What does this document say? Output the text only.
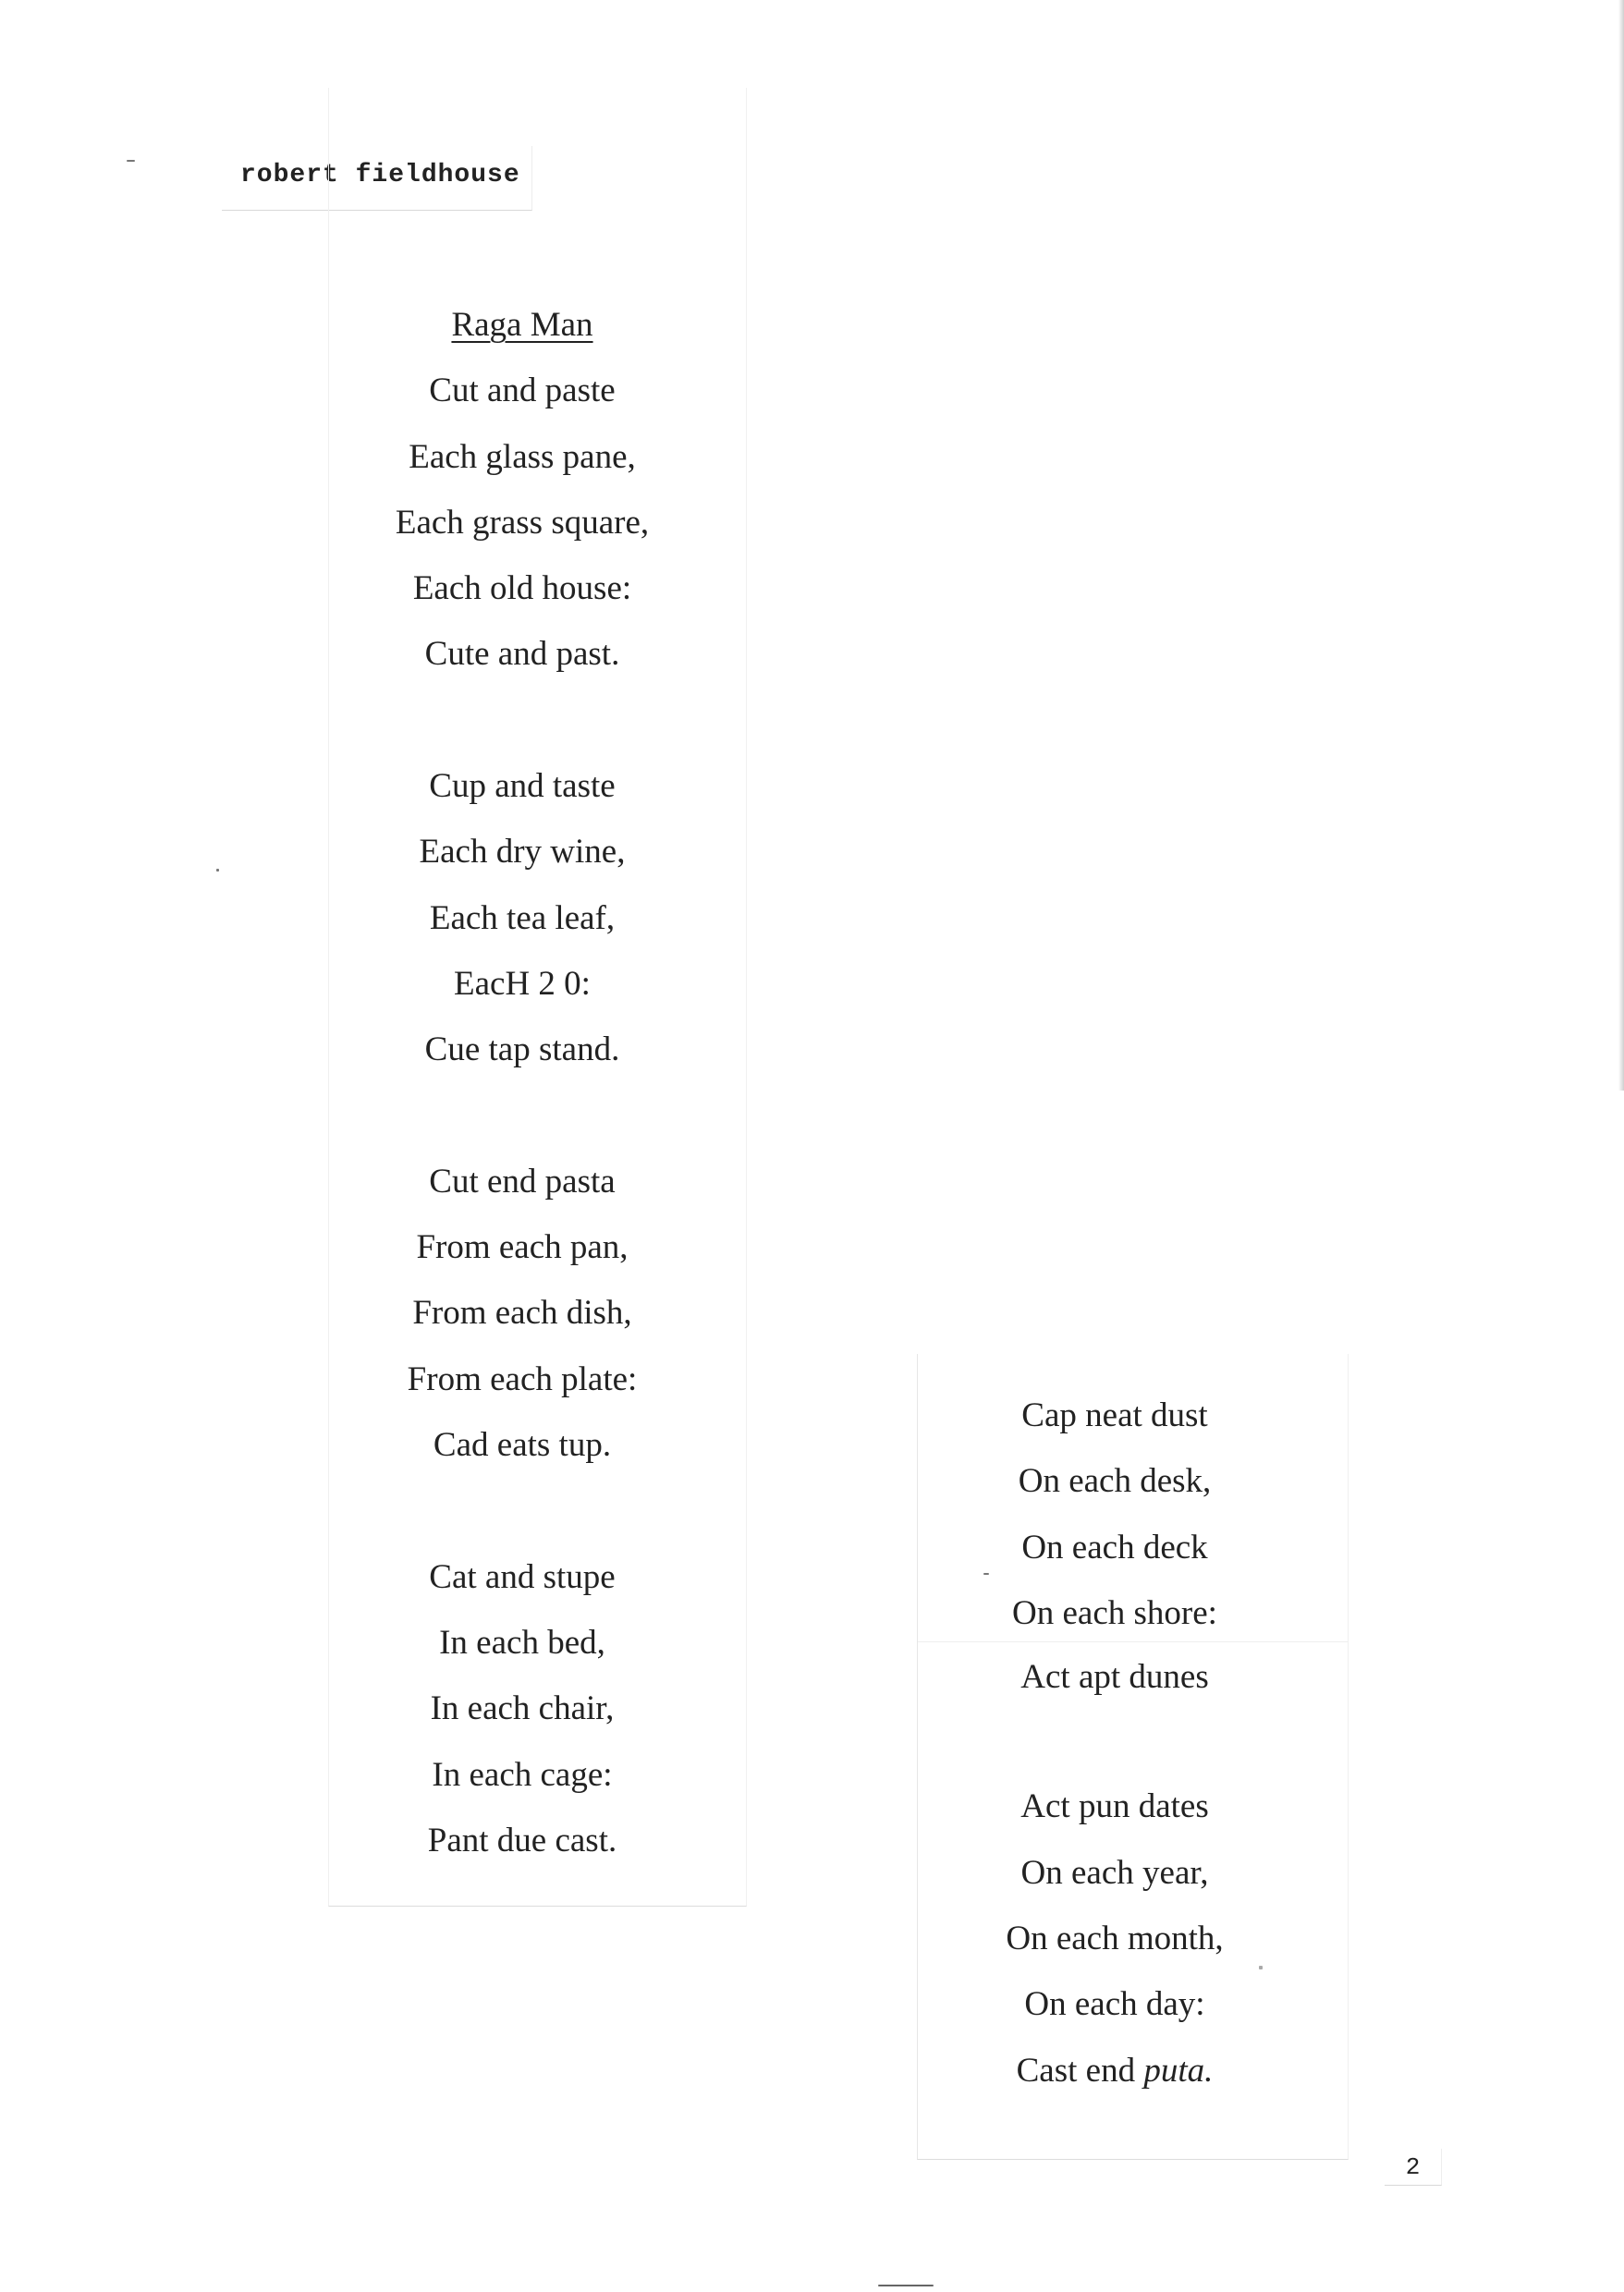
robert fieldhouse
Raga Man
Cut and paste
Each glass pane,
Each grass square,
Each old house:
Cute and past.
Cup and taste
Each dry wine,
Each tea leaf,
EacH 2 0:
Cue tap stand.
Cut end pasta
From each pan,
From each dish,
From each plate:
Cad eats tup.
Cat and stupe
In each bed,
In each chair,
In each cage:
Pant due cast.
Cap neat dust
On each desk,
On each deck
On each shore:
Act apt dunes
Act pun dates
On each year,
On each month,
On each day:
Cast end puta.
2
